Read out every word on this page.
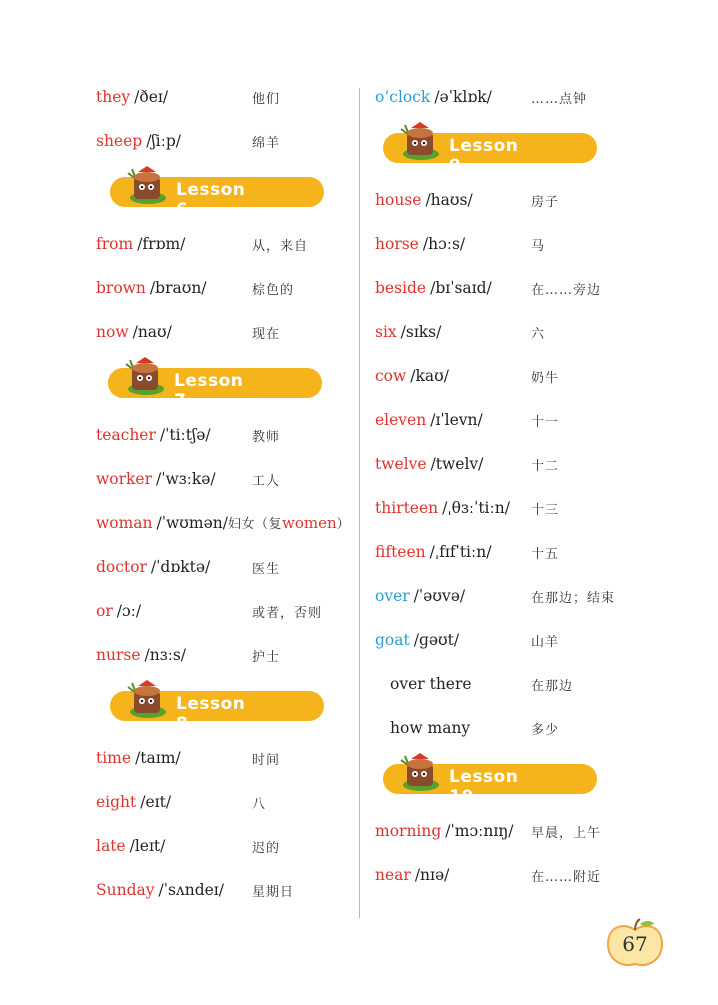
they /ðeɪ/	他们
sheep /ʃiːp/	绵羊
Lesson 6
from /frɒm/	从，来自
brown /braʊn/	棕色的
now /naʊ/	现在
Lesson 7
teacher /ˈtiːtʃə/	教师
worker /ˈwɜːkə/	工人
woman /ˈwʊmən/ 妇女（复women）
doctor /ˈdɒktə/	医生
or /ɔː/	或者，否则
nurse /nɜːs/	护士
Lesson 8
time /taɪm/	时间
eight /eɪt/	八
late /leɪt/	迟的
Sunday /ˈsʌndeɪ/ 星期日
o’clock /əˈklɒk/	……点钟
Lesson 9
house /haʊs/	房子
horse /hɔːs/	马
beside /bɪˈsaɪd/	在……旁边
six /sɪks/	六
cow /kaʊ/	奶牛
eleven /ɪˈlevn/	十一
twelve /twelv/	十二
thirteen /ˌθɜːˈtiːn/ 十三
fifteen /ˌfɪfˈtiːn/	十五
over /ˈəʊvə/	在那边；结束
goat /ɡəʊt/	山羊
over there	在那边
how many	多少
Lesson 10
morning /ˈmɔːnɪŋ/ 早晨，上午
near /nɪə/	在……附近
67
